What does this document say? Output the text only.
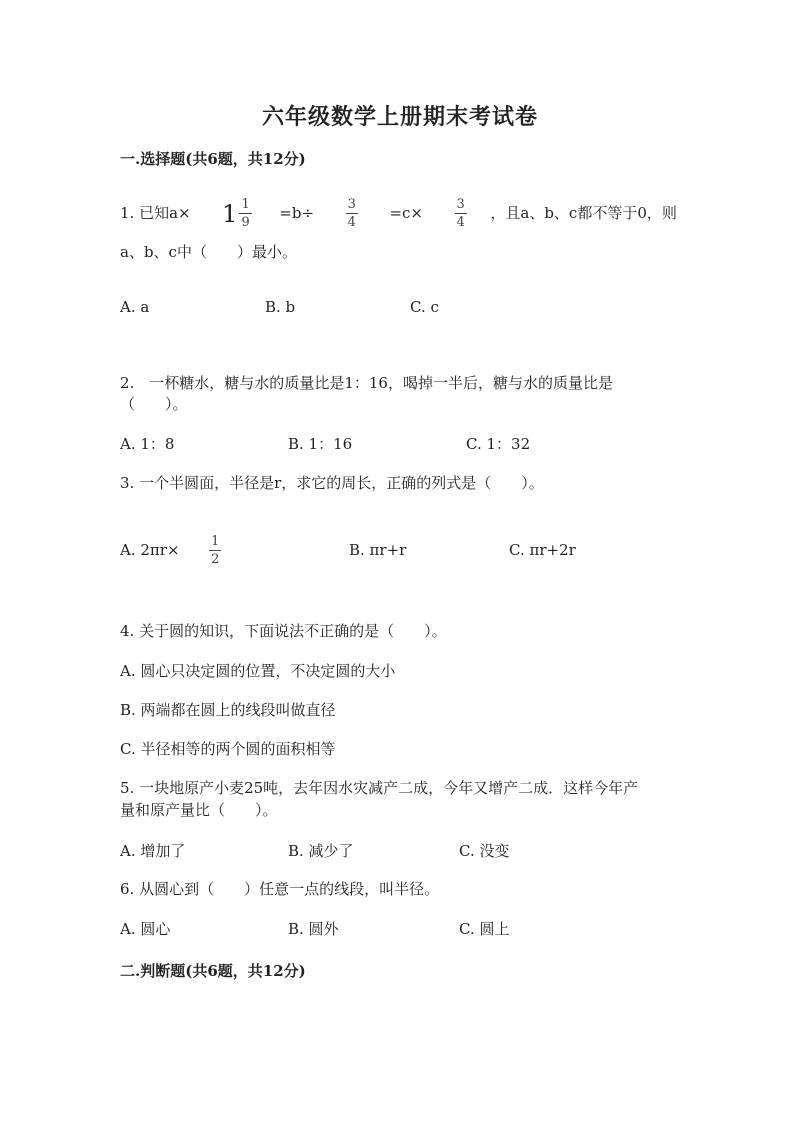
六年级数学上册期末考试卷
一.选择题(共6题，共12分)
1. 已知$a\times 1 \frac{1}{9} =b\div \frac{3}{4} =c\times \frac{3}{4}$ ，且a、b、c都不等于0，则
a、b、c中（　　）最小。
A. a	B. b	C. c
2.　一杯糖水，糖与水的质量比是1：16，喝掉一半后，糖与水的质量比是
（　　）。
A. 1：8	B. 1：16	C. 1：32
3. 一个半圆面，半径是r，求它的周长，正确的列式是（　　）。
A. $2\pi r\times \frac{1}{2}$	B. πr+r	C. πr+2r
4. 关于圆的知识，下面说法不正确的是（　　）。
A. 圆心只决定圆的位置，不决定圆的大小
B. 两端都在圆上的线段叫做直径
C. 半径相等的两个圆的面积相等
5. 一块地原产小麦25吨，去年因水灾减产二成，今年又增产二成．这样今年产
量和原产量比（　　）。
A. 增加了	B. 减少了	C. 没变
6. 从圆心到（　　）任意一点的线段，叫半径。
A. 圆心	B. 圆外	C. 圆上
二.判断题(共6题，共12分)
